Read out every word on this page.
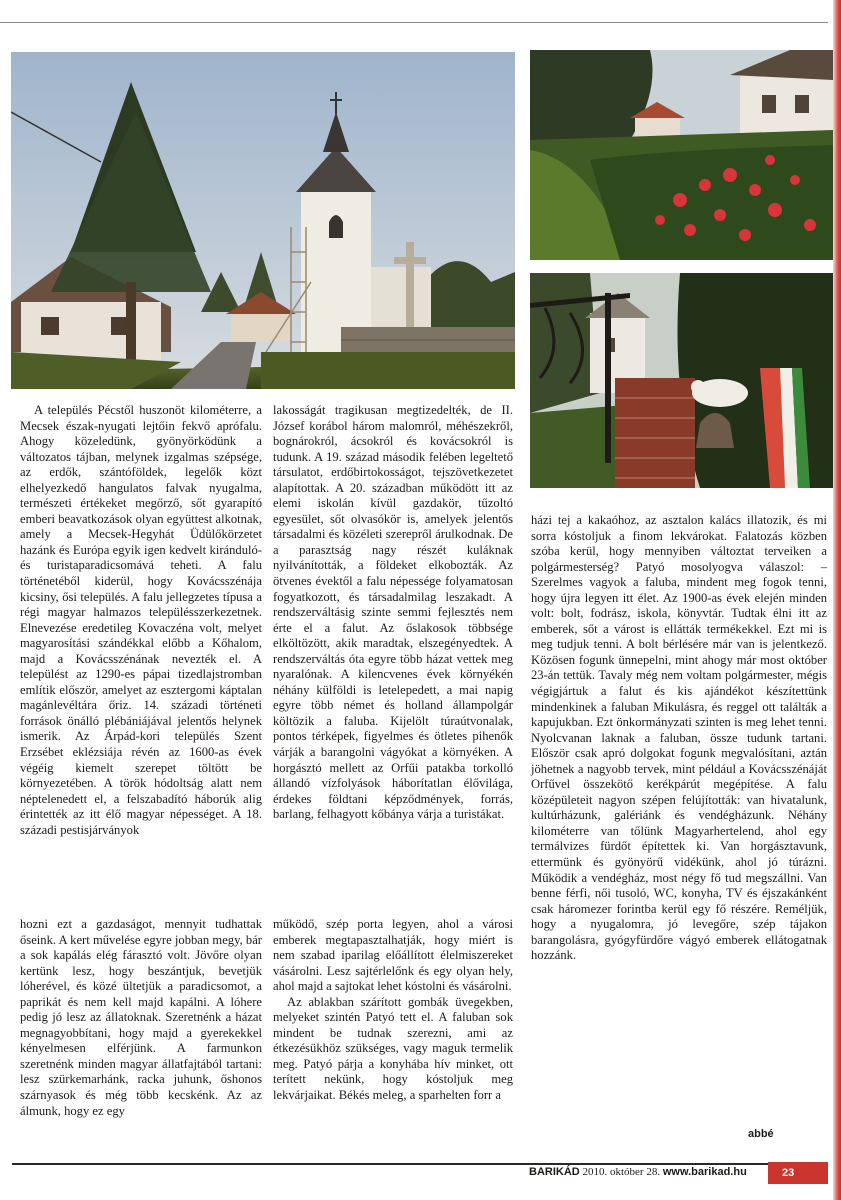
A település Pécstől huszonöt kilométerre, a Mecsek észak-nyugati lejtőin fekvő aprófalu. Ahogy közeledünk, gyönyörködünk a változatos tájban, melynek izgalmas szépsége, az erdők, szántóföldek, legelők közt elhelyezkedő hangulatos falvak nyugalma, természeti értékeket megőrző, sőt gyarapító emberi beavatkozások olyan együttest alkotnak, amely a Mecsek-Hegyhát Üdülőkörzetet hazánk és Európa egyik igen kedvelt kiránduló- és turistaparadicsomává teheti. A falu történetéből kiderül, hogy Kovácsszénája kicsiny, ősi település. A falu jellegzetes típusa a régi magyar halmazos településszerkezetnek. Elnevezése eredetileg Kovaczéna volt, melyet magyarosítási szándékkal előbb a Kőhalom, majd a Kovácsszénának nevezték el. A települést az 1290-es pápai tizedlajstromban említik először, amelyet az esztergomi káptalan magánlevéltára őriz. 14. századi történeti források önálló plébániájával jelentős helynek ismerik. Az Árpád-kori település Szent Erzsébet eklézsiája révén az 1600-as évek végéig kiemelt szerepet töltött be környezetében. A török hódoltság alatt nem néptelenedett el, a felszabadító háborúk alig érintették az itt élő magyar népességet. A 18. századi pestisjárványok

lakosságát tragikusan megtizedelték, de II. József korábol három malomról, méhészekről, bognárokról, ácsokról és kovácsokról is tudunk. A 19. század második felében legeltető társulatot, erdőbirtokosságot, tejszövetkezetet alapítottak. A 20. században működött itt az elemi iskolán kívül gazdakör, tűzoltó egyesület, sőt olvasókör is, amelyek jelentős társadalmi és közéleti szerepről árulkodnak. De a parasztság nagy részét kuláknak nyilvánították, a földeket elkobozták. Az ötvenes évektől a falu népessége folyamatosan fogyatkozott, és társadalmilag leszakadt. A rendszerváltásig szinte semmi fejlesztés nem érte el a falut. Az őslakosok többsége elköltözött, akik maradtak, elszegényedtek. A rendszerváltás óta egyre több házat vettek meg nyaralónak. A kilencvenes évek környékén néhány külföldi is letelepedett, a mai napig egyre több német és holland állampolgár költözik a faluba. Kijelölt túraútvonalak, pontos térképek, figyelmes és ötletes pihenők várják a barangolni vágyókat a környéken. A horgásztó mellett az Orfűi patakba torkolló állandó vízfolyások háborítatlan élővilága, érdekes földtani képződmények, forrás, barlang, felhagyott kőbánya várja a turistákat.

házi tej a kakaóhoz, az asztalon kalács illatozik, és mi sorra kóstoljuk a finom lekvárokat. Falatozás közben szóba kerül, hogy mennyiben változtat terveiken a polgármesterség? Patyó mosolyogva válaszol: – Szerelmes vagyok a faluba, mindent meg fogok tenni, hogy újra legyen itt élet. Az 1900-as évek elején minden volt: bolt, fodrász, iskola, könyvtár. Tudtak élni itt az emberek, sőt a várost is ellátták termékekkel. Ezt mi is meg tudjuk tenni. A bolt bérlésére már van is jelentkező. Közösen fogunk ünnepelni, mint ahogy már most október 23-án tettük. Tavaly még nem voltam polgármester, mégis végigjártuk a falut és kis ajándékot készítettünk mindenkinek a faluban Mikulásra, és reggel ott találták a kapujukban. Ezt önkormányzati szinten is meg lehet tenni. Nyolcvanan laknak a faluban, össze tudunk tartani. Először csak apró dolgokat fogunk megvalósítani, aztán jöhetnek a nagyobb tervek, mint például a Kovácsszénáját Orfűvel összekötő kerékpárút megépítése. A falu középületeit nagyon szépen felújították: van hivatalunk, kultúrházunk, galériánk és vendégházunk. Néhány kilométerre van tőlünk Magyarhertelend, ahol egy termálvizes fürdőt építettek ki. Van horgásztavunk, ettermünk és gyönyörű vidékünk, ahol jó túrázni. Működik a vendégház, most négy fő tud megszállni. Van benne férfi, női tusoló, WC, konyha, TV és éjszakánként csak háromezer forintba kerül egy fő részére. Reméljük, hogy a nyugalomra, jó levegőre, szép tájakon barangolásra, gyógyfürdőre vágyó emberek ellátogatnak hozzánk.

hozni ezt a gazdaságot, mennyit tudhattak őseink. A kert művelése egyre jobban megy, bár a sok kapálás elég fárasztó volt. Jövőre olyan kertünk lesz, hogy beszántjuk, bevetjük lóherével, és közé ültetjük a paradicsomot, a paprikát és nem kell majd kapálni. A lóhere pedig jó lesz az állatoknak. Szeretnénk a házat megnagyobbítani, hogy majd a gyerekekkel kényelmesen elférjünk. A farmunkon szeretnénk minden magyar állatfajtából tartani: lesz szürkemarhánk, racka juhunk, őshonos szárnyasok és még több kecskénk. Az az álmunk, hogy ez egy

működő, szép porta legyen, ahol a városi emberek megtapasztalhatják, hogy miért is nem szabad iparilag előállított élelmiszereket vásárolni. Lesz sajtérlelőnk és egy olyan hely, ahol majd a sajtokat lehet kóstolni és vásárolni.

Az ablakban szárított gombák üvegekben, melyeket szintén Patyó tett el. A faluban sok mindent be tudnak szerezni, ami az étkezésükhöz szükséges, vagy maguk termelik meg. Patyó párja a konyhába hív minket, ott terített nekünk, hogy kóstoljuk meg lekvárjaikat. Békés meleg, a sparhelten forr a

abbé
BARIKÁD 2010. október 28. www.barikad.hu	23
